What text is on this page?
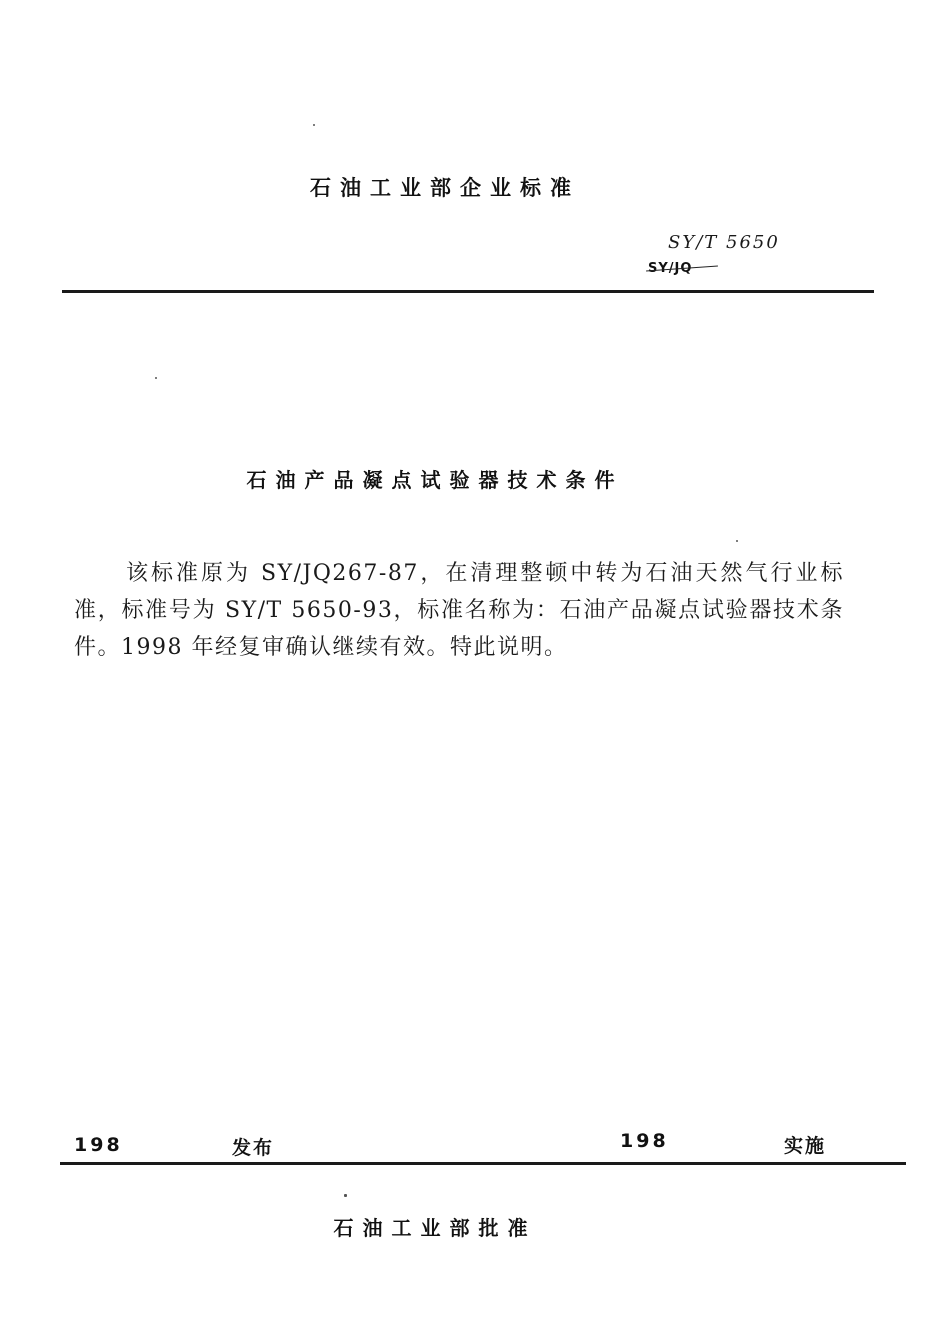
石油工业部企业标准
SY/T 5650
SY/JQ
石油产品凝点试验器技术条件
该标准原为 SY/JQ267-87，在清理整顿中转为石油天然气行业标准，标准号为 SY/T 5650-93，标准名称为：石油产品凝点试验器技术条件。1998 年经复审确认继续有效。特此说明。
198	发布	198	实施
石油工业部批准
